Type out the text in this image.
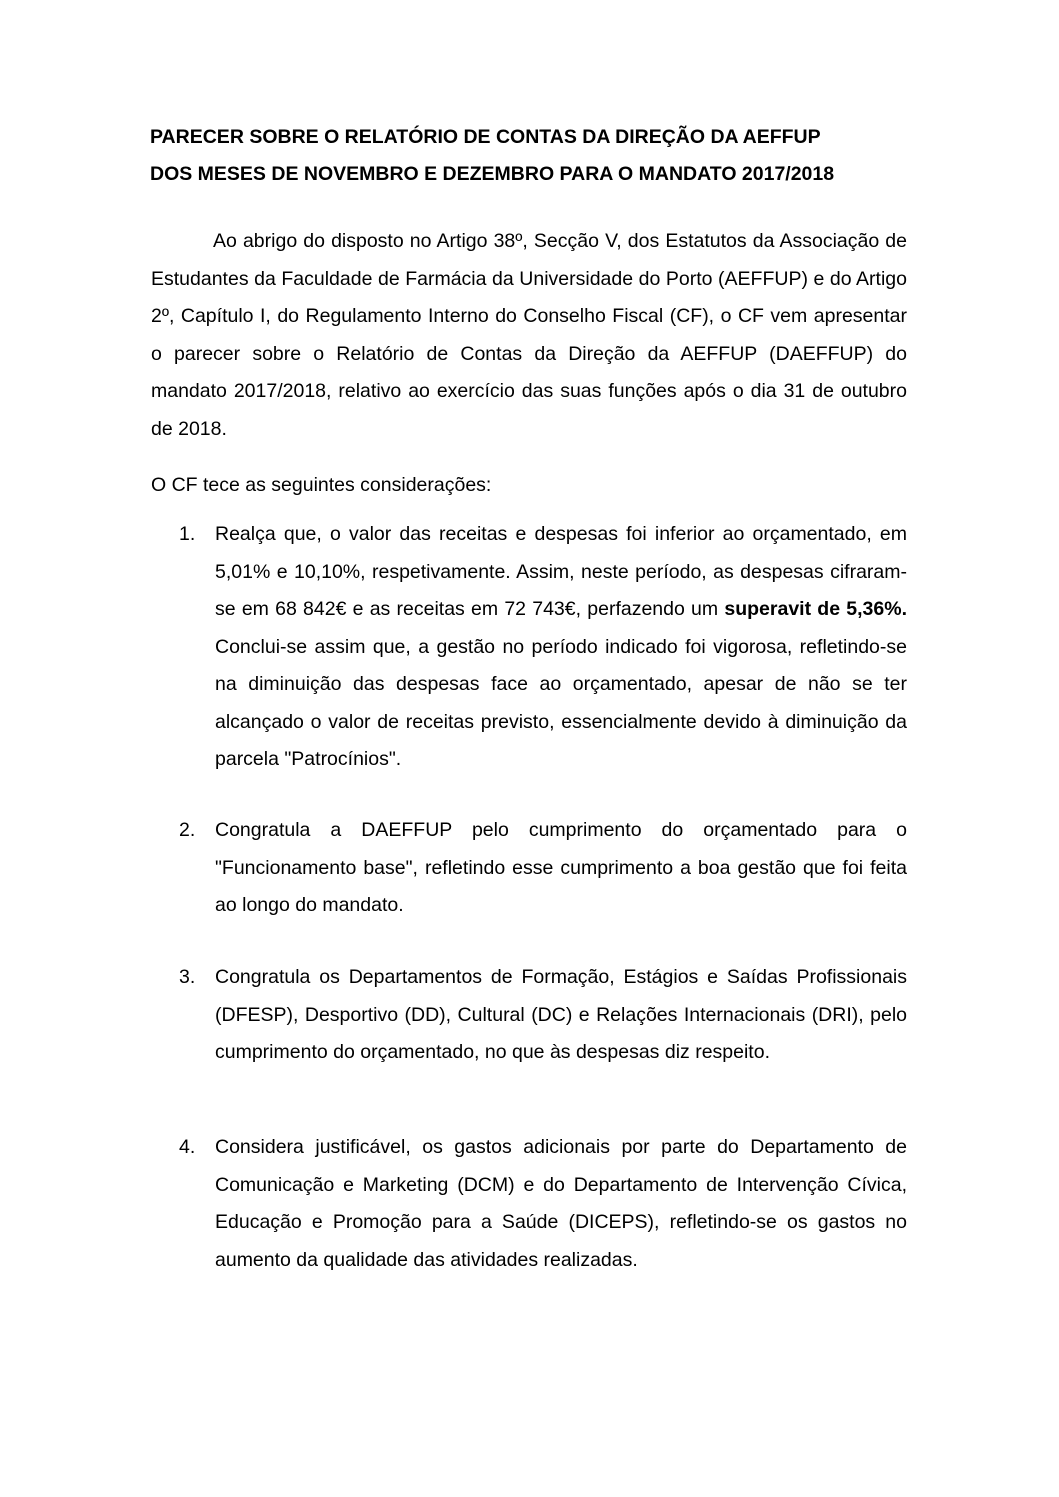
PARECER SOBRE O RELATÓRIO DE CONTAS DA DIREÇÃO DA AEFFUP
DOS MESES DE NOVEMBRO E DEZEMBRO PARA O MANDATO 2017/2018

Ao abrigo do disposto no Artigo 38º, Secção V, dos Estatutos da Associação de Estudantes da Faculdade de Farmácia da Universidade do Porto (AEFFUP) e do Artigo 2º, Capítulo I, do Regulamento Interno do Conselho Fiscal (CF), o CF vem apresentar o parecer sobre o Relatório de Contas da Direção da AEFFUP (DAEFFUP) do mandato 2017/2018, relativo ao exercício das suas funções após o dia 31 de outubro de 2018.

O CF tece as seguintes considerações:

1. Realça que, o valor das receitas e despesas foi inferior ao orçamentado, em 5,01% e 10,10%, respetivamente. Assim, neste período, as despesas cifraram-se em 68 842€ e as receitas em 72 743€, perfazendo um superavit de 5,36%. Conclui-se assim que, a gestão no período indicado foi vigorosa, refletindo-se na diminuição das despesas face ao orçamentado, apesar de não se ter alcançado o valor de receitas previsto, essencialmente devido à diminuição da parcela "Patrocínios".

2. Congratula a DAEFFUP pelo cumprimento do orçamentado para o "Funcionamento base", refletindo esse cumprimento a boa gestão que foi feita ao longo do mandato.

3. Congratula os Departamentos de Formação, Estágios e Saídas Profissionais (DFESP), Desportivo (DD), Cultural (DC) e Relações Internacionais (DRI), pelo cumprimento do orçamentado, no que às despesas diz respeito.

4. Considera justificável, os gastos adicionais por parte do Departamento de Comunicação e Marketing (DCM) e do Departamento de Intervenção Cívica, Educação e Promoção para a Saúde (DICEPS), refletindo-se os gastos no aumento da qualidade das atividades realizadas.
